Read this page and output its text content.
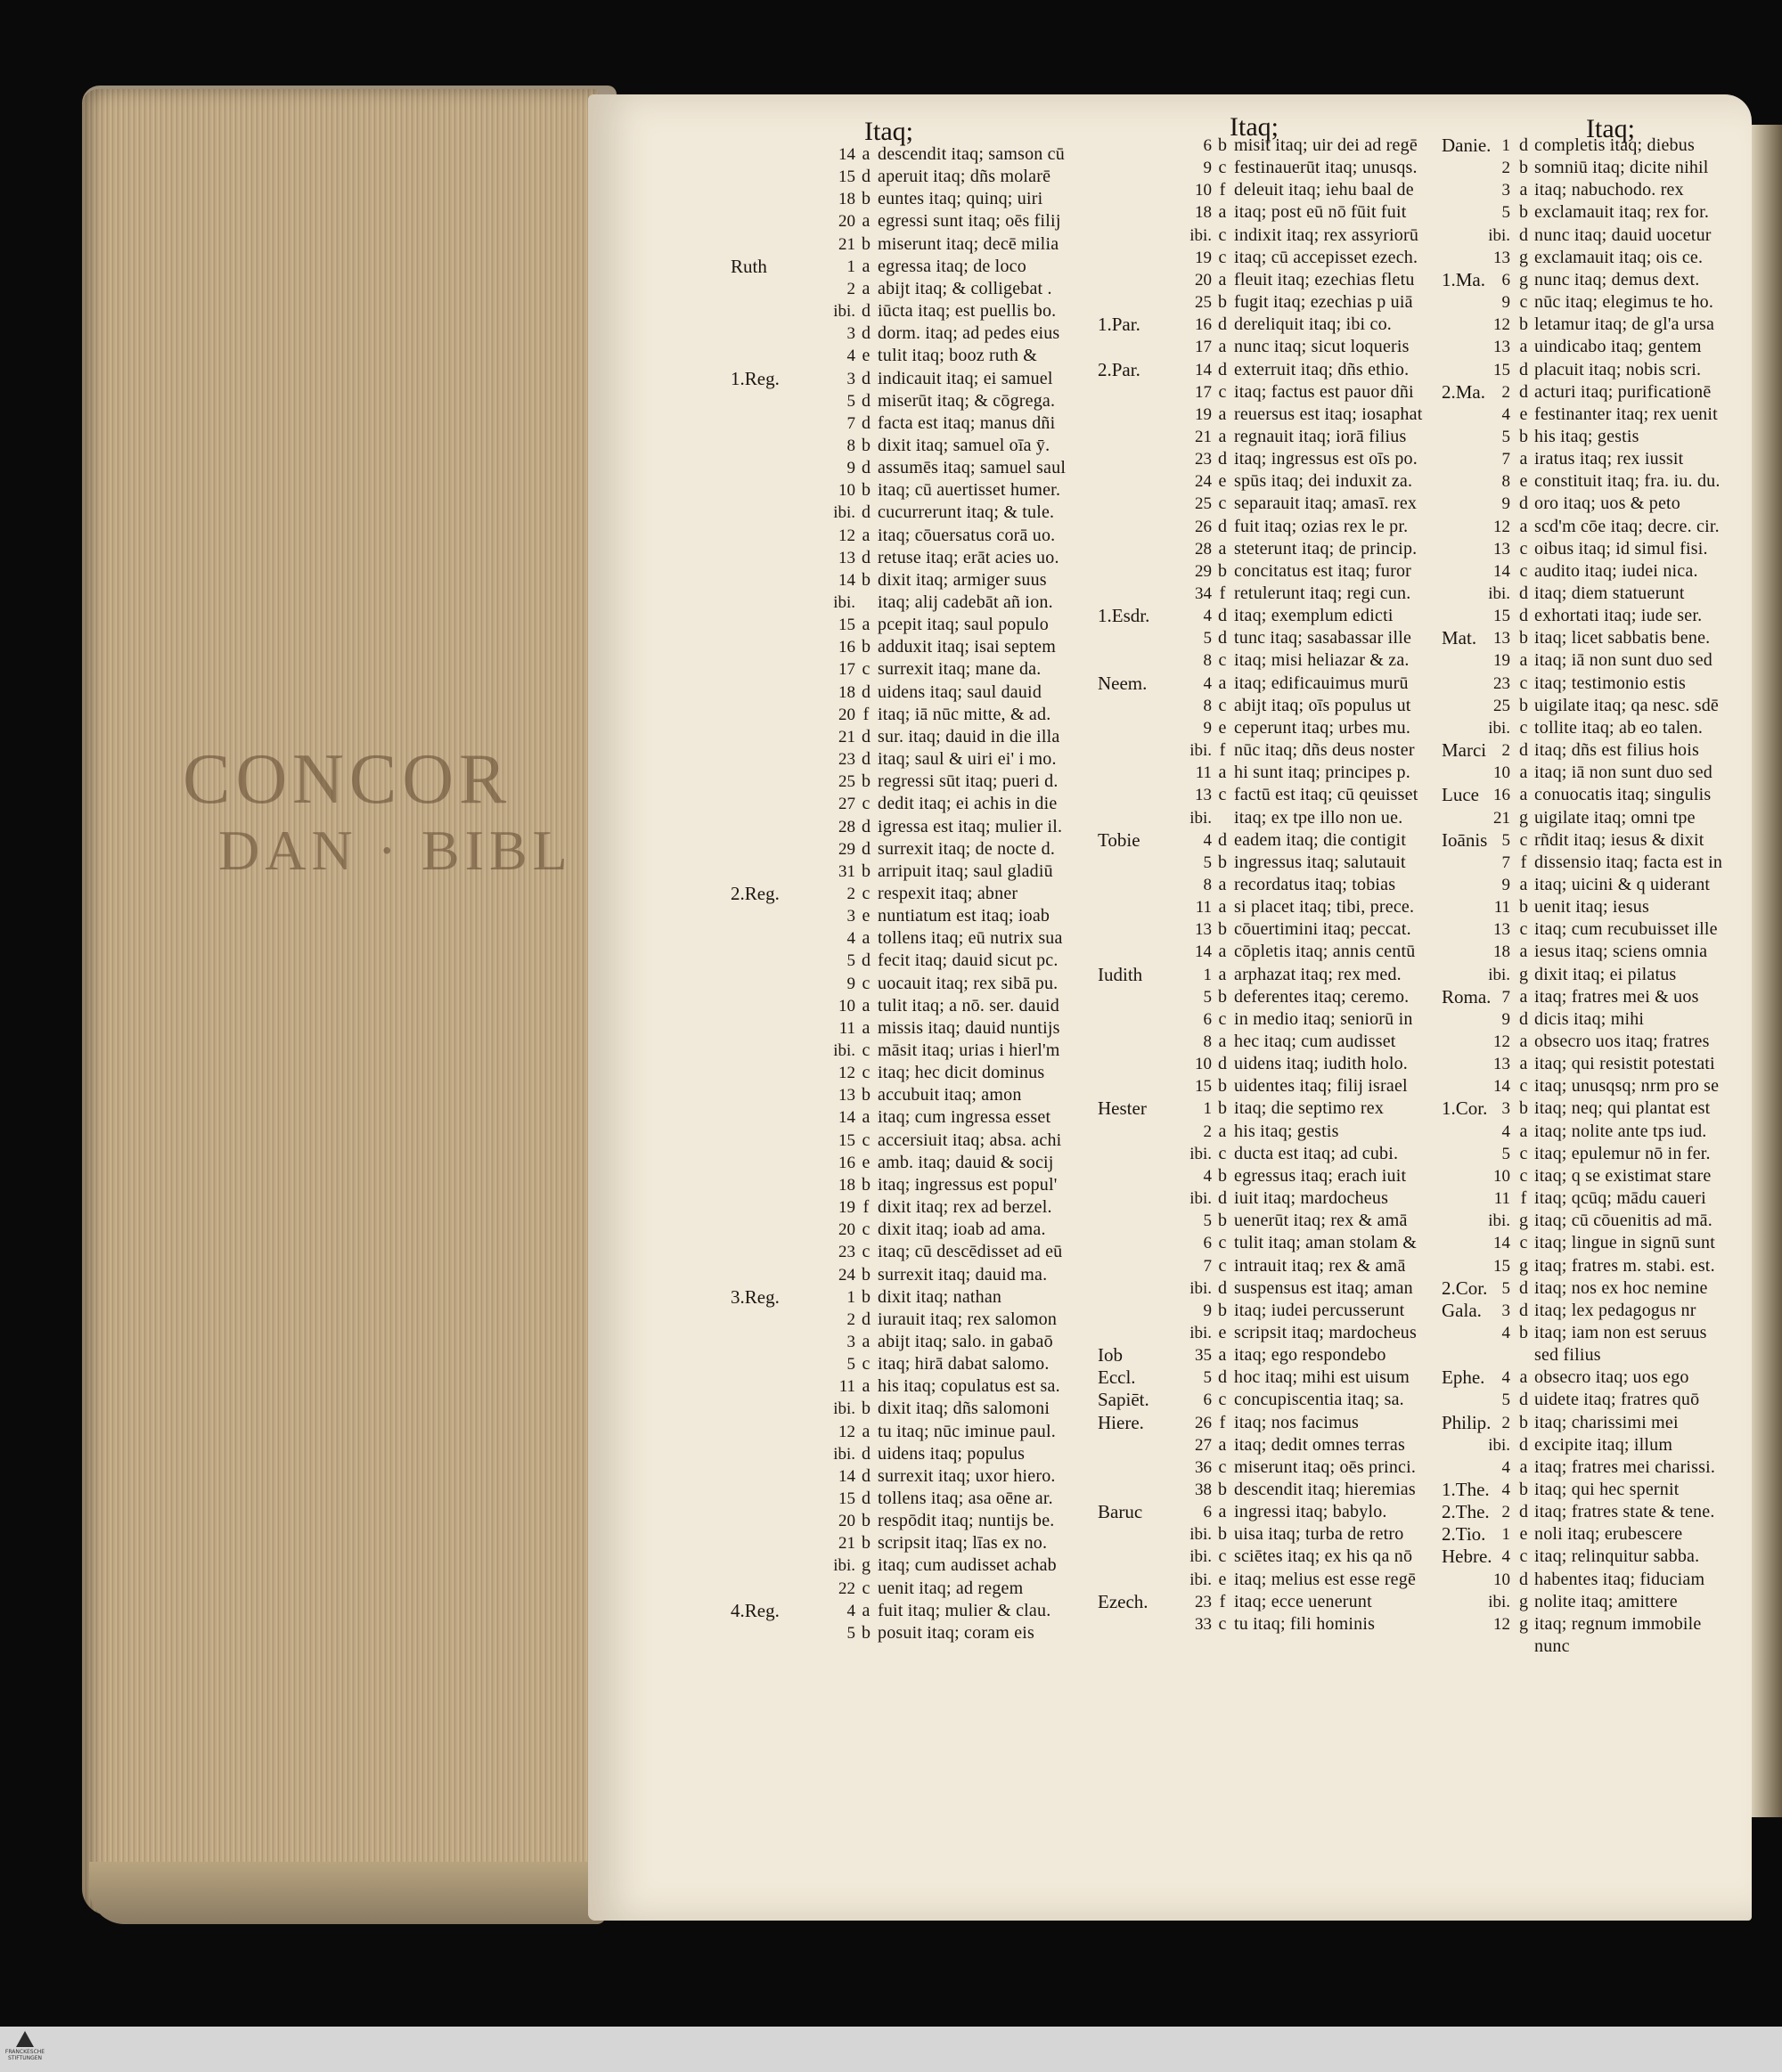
CONCOR
DAN · BIBL
Itaq;
14 a descendit itaq; samson cū
15 d aperuit itaq; dñs molarē
18 b euntes itaq; quinq; uiri
20 a egressi sunt itaq; oēs filij
21 b miserunt itaq; decē milia
Ruth	1 a egressa itaq; de loco
2 a abijt itaq; & colligebat .
ibi. d iūcta itaq; est puellis bo.
3 d dorm. itaq; ad pedes eius
4 e tulit itaq; booz ruth &
1.Reg.	3 d indicauit itaq; ei samuel
5 d miserūt itaq; & cōgrega.
7 d facta est itaq; manus dñi
8 b dixit itaq; samuel oīa ȳ.
9 d assumēs itaq; samuel saul
10 b itaq; cū auertisset humer.
ibi. d cucurrerunt itaq; & tule.
12 a itaq; cōuersatus corā uo.
13 d retuse itaq; erāt acies uo.
14 b dixit itaq; armiger suus
ibi. itaq; alij cadebāt añ ion.
15 a pcepit itaq; saul populo
16 b adduxit itaq; isai septem
17 c surrexit itaq; mane da.
18 d uidens itaq; saul dauid
20 f itaq; iā nūc mitte, & ad.
21 d sur. itaq; dauid in die illa
23 d itaq; saul & uiri ei' i mo.
25 b regressi sūt itaq; pueri d.
27 c dedit itaq; ei achis in die
28 d igressa est itaq; mulier il.
29 d surrexit itaq; de nocte d.
31 b arripuit itaq; saul gladiū
2.Reg.	2 c respexit itaq; abner
3 e nuntiatum est itaq; ioab
4 a tollens itaq; eū nutrix sua
5 d fecit itaq; dauid sicut pc.
9 c uocauit itaq; rex sibā pu.
10 a tulit itaq; a nō. ser. dauid
11 a missis itaq; dauid nuntijs
ibi. c māsit itaq; urias i hierl'm
12 c itaq; hec dicit dominus
13 b accubuit itaq; amon
14 a itaq; cum ingressa esset
15 c accersiuit itaq; absa. achi
16 e amb. itaq; dauid & socij
18 b itaq; ingressus est popul'
19 f dixit itaq; rex ad berzel.
20 c dixit itaq; ioab ad ama.
23 c itaq; cū descēdisset ad eū
24 b surrexit itaq; dauid ma.
3.Reg.	1 b dixit itaq; nathan
2 d iurauit itaq; rex salomon
3 a abijt itaq; salo. in gabaō
5 c itaq; hirā dabat salomo.
11 a his itaq; copulatus est sa.
ibi. b dixit itaq; dñs salomoni
12 a tu itaq; nūc iminue paul.
ibi. d uidens itaq; populus
14 d surrexit itaq; uxor hiero.
15 d tollens itaq; asa oēne ar.
20 b respōdit itaq; nuntijs be.
21 b scripsit itaq; līas ex no.
ibi. g itaq; cum audisset achab
22 c uenit itaq; ad regem
4.Reg.	4 a fuit itaq; mulier & clau.
5 b posuit itaq; coram eis
Itaq;
6 b misit itaq; uir dei ad regē
9 c festinauerūt itaq; unusqs.
10 f deleuit itaq; iehu baal de
18 a itaq; post eū nō fūit fuit
ibi. c indixit itaq; rex assyriorū
19 c itaq; cū accepisset ezech.
20 a fleuit itaq; ezechias fletu
25 b fugit itaq; ezechias p uiā
1.Par.	16 d dereliquit itaq; ibi co.
17 a nunc itaq; sicut loqueris
2.Par.	14 d exterruit itaq; dñs ethio.
17 c itaq; factus est pauor dñi
19 a reuersus est itaq; iosaphat
21 a regnauit itaq; iorā filius
23 d itaq; ingressus est oīs po.
24 e spūs itaq; dei induxit za.
25 c separauit itaq; amasī. rex
26 d fuit itaq; ozias rex le pr.
28 a steterunt itaq; de princip.
29 b concitatus est itaq; furor
34 f retulerunt itaq; regi cun.
1.Esdr.	4 d itaq; exemplum edicti
5 d tunc itaq; sasabassar ille
8 c itaq; misi heliazar & za.
Neem.	4 a itaq; edificauimus murū
8 c abijt itaq; oīs populus ut
9 e ceperunt itaq; urbes mu.
ibi. f nūc itaq; dñs deus noster
11 a hi sunt itaq; principes p.
13 c factū est itaq; cū qeuisset
ibi. itaq; ex tpe illo non ue.
Tobie	4 d eadem itaq; die contigit
5 b ingressus itaq; salutauit
8 a recordatus itaq; tobias
11 a si placet itaq; tibi, prece.
13 b cōuertimini itaq; peccat.
14 a cōpletis itaq; annis centū
Iudith	1 a arphazat itaq; rex med.
5 b deferentes itaq; ceremo.
6 c in medio itaq; seniorū in
8 a hec itaq; cum audisset
10 d uidens itaq; iudith holo.
15 b uidentes itaq; filij israel
Hester	1 b itaq; die septimo rex
2 a his itaq; gestis
ibi. c ducta est itaq; ad cubi.
4 b egressus itaq; erach iuit
ibi. d iuit itaq; mardocheus
5 b uenerūt itaq; rex & amā
6 c tulit itaq; aman stolam &
7 c intrauit itaq; rex & amā
ibi. d suspensus est itaq; aman
9 b itaq; iudei percusserunt
ibi. e scripsit itaq; mardocheus
Iob	35 a itaq; ego respondebo
Eccl.	5 d hoc itaq; mihi est uisum
Sapiēt.	6 c concupiscentia itaq; sa.
Hiere.	26 f itaq; nos facimus
27 a itaq; dedit omnes terras
36 c miserunt itaq; oēs princi.
38 b descendit itaq; hieremias
Baruc	6 a ingressi itaq; babylo.
ibi. b uisa itaq; turba de retro
ibi. c sciētes itaq; ex his qa nō
ibi. e itaq; melius est esse regē
Ezech.	23 f itaq; ecce uenerunt
33 c tu itaq; fili hominis
Itaq;
Danie. 1 d completis itaq; diebus
2 b somniū itaq; dicite nihil
3 a itaq; nabuchodo. rex
5 b exclamauit itaq; rex for.
ibi. d nunc itaq; dauid uocetur
13 g exclamauit itaq; ois ce.
1.Ma. 6 g nunc itaq; demus dext.
9 c nūc itaq; elegimus te ho.
12 b letamur itaq; de gl'a ursa
13 a uindicabo itaq; gentem
15 d placuit itaq; nobis scri.
2.Ma. 2 d acturi itaq; purificationē
4 e festinanter itaq; rex uenit
5 b his itaq; gestis
7 a iratus itaq; rex iussit
8 e constituit itaq; fra. iu. du.
9 d oro itaq; uos & peto
12 a scd'm cōe itaq; decre. cir.
13 c oibus itaq; id simul fisi.
14 c audito itaq; iudei nica.
ibi. d itaq; diem statuerunt
15 d exhortati itaq; iude ser.
Mat. 13 b itaq; licet sabbatis bene.
19 a itaq; iā non sunt duo sed
23 c itaq; testimonio estis
25 b uigilate itaq; qa nesc. sdē
ibi. c tollite itaq; ab eo talen.
Marci 2 d itaq; dñs est filius hois
10 a itaq; iā non sunt duo sed
Luce 16 a conuocatis itaq; singulis
21 g uigilate itaq; omni tpe
Ioānis 5 c rñdit itaq; iesus & dixit
7 f dissensio itaq; facta est in
9 a itaq; uicini & q uiderant
11 b uenit itaq; iesus
13 c itaq; cum recubuisset ille
18 a iesus itaq; sciens omnia
ibi. g dixit itaq; ei pilatus
Roma. 7 a itaq; fratres mei & uos
9 d dicis itaq; mihi
12 a obsecro uos itaq; fratres
13 a itaq; qui resistit potestati
14 c itaq; unusqsq; nrm pro se
1.Cor. 3 b itaq; neq; qui plantat est
4 a itaq; nolite ante tps iud.
5 c itaq; epulemur nō in fer.
10 c itaq; q se existimat stare
11 f itaq; qcūq; mādu caueri
ibi. g itaq; cū cōuenitis ad mā.
14 c itaq; lingue in signū sunt
15 g itaq; fratres m. stabi. est.
2.Cor. 5 d itaq; nos ex hoc nemine
Gala.	3 d itaq; lex pedagogus nr
4 b itaq; iam non est seruus
sed filius
Ephe.	4 a obsecro itaq; uos ego
5 d uidete itaq; fratres quō
Philip. 2 b itaq; charissimi mei
ibi. d excipite itaq; illum
4 a itaq; fratres mei charissi.
1.The. 4 b itaq; qui hec spernit
2.The. 2 d itaq; fratres state & tene.
2.Tio. 1 e noli itaq; erubescere
Hebre. 4 c itaq; relinquitur sabba.
10 d habentes itaq; fiduciam
ibi. g nolite itaq; amittere
12 g itaq; regnum immobile
nunc
FRANCKESCHE
STIFTUNGEN
